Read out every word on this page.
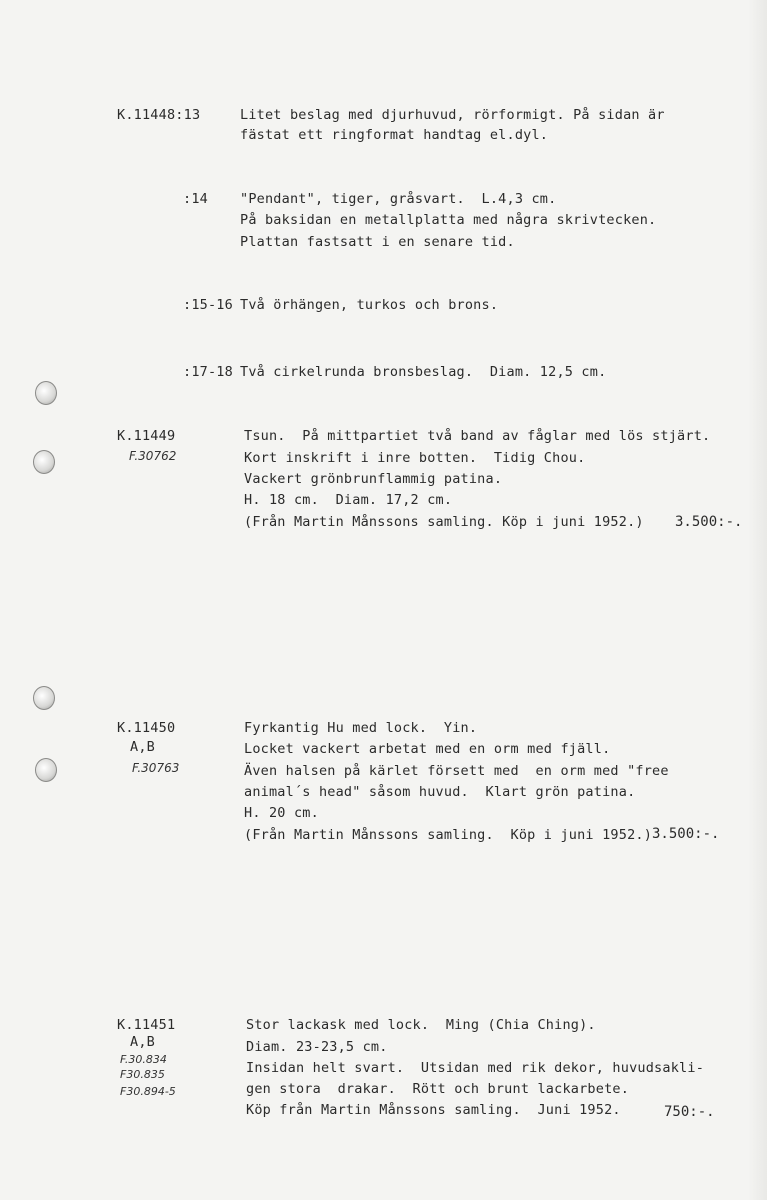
K.11448:13	Litet beslag med djurhuvud, rörformigt. På sidan är
fästat ett ringformat handtag el.dyl.
:14 "Pendant", tiger, gråsvart.  L.4,3 cm.
På baksidan en metallplatta med några skrivtecken.
Plattan fastsatt i en senare tid.
:15-16 Två örhängen, turkos och brons.
:17-18 Två cirkelrunda bronsbeslag.  Diam. 12,5 cm.
K.11449
F.30762
Tsun.  På mittpartiet två band av fåglar med lös stjärt.
Kort inskrift i inre botten.  Tidig Chou.
Vackert grönbrunflammig patina.
H. 18 cm.  Diam. 17,2 cm.
(Från Martin Månssons samling. Köp i juni 1952.) 3.500:-.
K.11450
A,B
F.30763
Fyrkantig Hu med lock.  Yin.
Locket vackert arbetat med en orm med fjäll.
Även halsen på kärlet försett med  en orm med "free
animal´s head" såsom huvud.  Klart grön patina.
H. 20 cm.
(Från Martin Månssons samling.  Köp i juni 1952.) 3.500:-.
K.11451
A,B
F.30.834
F30.835
F30.894-5
Stor lackask med lock.  Ming (Chia Ching).
Diam. 23-23,5 cm.
Insidan helt svart.  Utsidan med rik dekor, huvudsakli-
gen stora  drakar.  Rött och brunt lackarbete.
Köp från Martin Månssons samling.  Juni 1952.	750:-.
